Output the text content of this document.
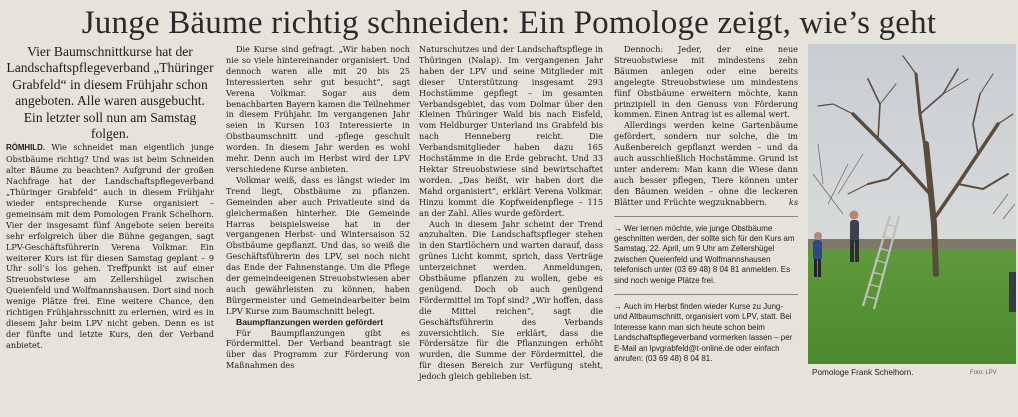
Junge Bäume richtig schneiden: Ein Pomologe zeigt, wie’s geht

Vier Baumschnittkurse hat der Landschaftspflegeverband „Thüringer Grabfeld“ in diesem Frühjahr schon angeboten. Alle waren ausgebucht. Ein letzter soll nun am Samstag folgen.

RÖMHILD. Wie schneidet man eigentlich junge Obstbäume richtig? Und was ist beim Schneiden alter Bäume zu beachten? Aufgrund der großen Nachfrage hat der Landschaftspflegeverband „Thüringer Grabfeld“ auch in diesem Frühjahr wieder entsprechende Kurse organisiert – gemeinsam mit dem Pomologen Frank Schelhorn. Vier der insgesamt fünf Angebote seien bereits sehr erfolgreich über die Bühne gegangen, sagt LPV-Geschäftsführerin Verena Volkmar. Ein weiterer Kurs ist für diesen Samstag geplant – 9 Uhr soll’s los gehen. Treffpunkt ist auf einer Streuobstwiese am Zellershügel zwischen Queienfeld und Wolfmannshausen. Dort sind noch wenige Plätze frei. Eine weitere Chance, den richtigen Frühjahrsschnitt zu erlernen, wird es in diesem Jahr beim LPV nicht geben. Denn es ist der fünfte und letzte Kurs, den der Verband anbietet.

Die Kurse sind gefragt. „Wir haben noch nie so viele hintereinander organisiert. Und dennoch waren alle mit 20 bis 25 Interessierten sehr gut besucht“, sagt Verena Volkmar. Sogar aus dem benachbarten Bayern kamen die Teilnehmer in diesem Frühjahr. Im vergangenen Jahr seien in Kursen 103 Interessierte in Obstbaumschnitt und -pflege geschult worden. In diesem Jahr werden es wohl mehr. Denn auch im Herbst wird der LPV verschiedene Kurse anbieten.

Volkmar weiß, dass es längst wieder im Trend liegt, Obstbäume zu pflanzen. Gemeinden aber auch Privatleute sind da gleichermaßen hinterher. Die Gemeinde Harras beispielsweise hat in der vergangenen Herbst- und Wintersaison 52 Obstbäume gepflanzt. Und das, so weiß die Geschäftsführerin des LPV, sei noch nicht das Ende der Fahnenstange. Um die Pflege der gemeindeeigenen Streuobstwiesen aber auch gewährleisten zu können, haben Bürgermeister und Gemeindearbeiter beim LPV Kurse zum Baumschnitt belegt.

Baumpflanzungen werden gefördert

Für Baumpflanzungen gibt es Fördermittel. Der Verband beantragt sie über das Programm zur Förderung von Maßnahmen des

Naturschutzes und der Landschaftspflege in Thüringen (Nalap). Im vergangenen Jahr haben der LPV und seine Mitglieder mit dieser Unterstützung insgesamt 293 Hochstämme gepflegt – im gesamten Verbandsgebiet, das vom Dolmar über den Kleinen Thüringer Wald bis nach Eisfeld, vom Heldburger Unterland ins Grabfeld bis nach Henneberg reicht. Die Verbandsmitglieder haben dazu 165 Hochstämme in die Erde gebracht. Und 33 Hektar Streuobstwiese sind bewirtschaftet worden. „Das heißt, wir haben dort die Mahd organisiert“, erklärt Verena Volkmar. Hinzu kommt die Kopfweidenpflege – 115 an der Zahl. Alles wurde gefördert.

Auch in diesem Jahr scheint der Trend anzuhalten. Die Landschaftspfleger stehen in den Startlöchern und warten darauf, dass grünes Licht kommt, sprich, dass Verträge unterzeichnet werden. Anmeldungen, Obstbäume pflanzen zu wollen, gebe es genügend. Doch ob auch genügend Fördermittel im Topf sind? „Wir hoffen, dass die Mittel reichen“, sagt die Geschäftsführerin des Verbands zuversichtlich. Sie erklärt, dass die Fördersätze für die Pflanzungen erhöht wurden, die Summe der Fördermittel, die für diesen Bereich zur Verfügung steht, jedoch gleich geblieben ist.

Dennoch: Jeder, der eine neue Streuobstwiese mit mindestens zehn Bäumen anlegen oder eine bereits angelegte Streuobstwiese um mindestens fünf Obstbäume erweitern möchte, kann prinzipiell in den Genuss von Förderung kommen. Einen Antrag ist es allemal wert.

Allerdings werden keine Gartenbäume gefördert, sondern nur solche, die im Außenbereich gepflanzt werden – und da auch ausschließlich Hochstämme. Grund ist unter anderem: Man kann die Wiese dann auch besser pflegen, Tiere können unter den Bäumen weiden – ohne die leckeren Blätter und Früchte wegzuknabbern.	ks

→ Wer lernen möchte, wie junge Obstbäume geschnitten werden, der sollte sich für den Kurs am Samstag, 22. April, um 9 Uhr am Zellershügel zwischen Queienfeld und Wolfmannshausen telefonisch unter (03 69 48) 8 04 81 anmelden. Es sind noch wenige Plätze frei.

→ Auch im Herbst finden wieder Kurse zu Jung- und Altbaumschnitt, organisiert vom LPV, statt. Bei Interesse kann man sich heute schon beim Landschaftspflegeverband vormerken lassen – per E-Mail an lpvgrabfeld@t-online.de oder einfach anrufen: (03 69 48) 8 04 81.

Pomologe Frank Schelhorn.	Foto: LPV
